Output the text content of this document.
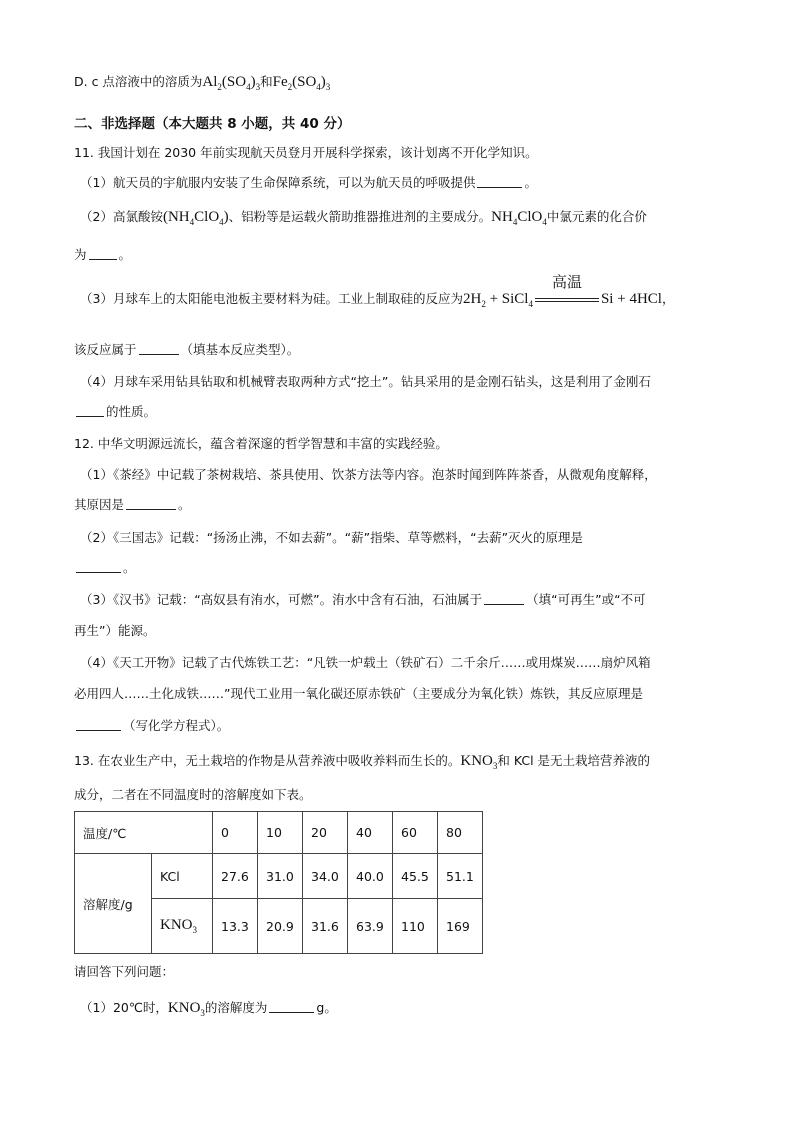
D. c 点溶液中的溶质为$Al_2(SO_4)_3$和$Fe_2(SO_4)_3$
二、非选择题（本大题共 8 小题，共 40 分）
11. 我国计划在 2030 年前实现航天员登月开展科学探索，该计划离不开化学知识。
（1）航天员的宇航服内安装了生命保障系统，可以为航天员的呼吸提供	。
（2）高氯酸铵$(NH_4ClO_4)$、铝粉等是运载火箭助推器推进剂的主要成分。$NH_4ClO_4$中氯元素的化合价
为	。
（3）月球车上的太阳能电池板主要材料为硅。工业上制取硅的反应为$2H_2$ + SiCl$_4$
高温
Si + 4HCl，
该反应属于	（填基本反应类型）。
（4）月球车采用钻具钻取和机械臂表取两种方式“挖土”。钻具采用的是金刚石钻头，这是利用了金刚石
的性质。
12. 中华文明源远流长，蕴含着深邃的哲学智慧和丰富的实践经验。
（1）《茶经》中记载了茶树栽培、茶具使用、饮茶方法等内容。泡茶时闻到阵阵茶香，从微观角度解释，
其原因是	。
（2）《三国志》记载：“扬汤止沸，不如去薪”。“薪”指柴、草等燃料，“去薪”灭火的原理是
。
（3）《汉书》记载：“高奴县有洧水，可燃”。洧水中含有石油，石油属于	（填“可再生”或“不可
再生”）能源。
（4）《天工开物》记载了古代炼铁工艺：“凡铁一炉载土（铁矿石）二千余斤……或用煤炭……扇炉风箱
必用四人……土化成铁……”现代工业用一氧化碳还原赤铁矿（主要成分为氧化铁）炼铁，其反应原理是
（写化学方程式）。
13. 在农业生产中，无土栽培的作物是从营养液中吸收养料而生长的。$KNO_3$和 KCl 是无土栽培营养液的
成分，二者在不同温度时的溶解度如下表。
温度/℃		0	10	20	40	60	80
溶解度/g	KCl	27.6	31.0	34.0	40.0	45.5	51.1
	$KNO_3$	13.3	20.9	31.6	63.9	110	169
请回答下列问题：
（1）20℃时，$KNO_3$的溶解度为	g。
